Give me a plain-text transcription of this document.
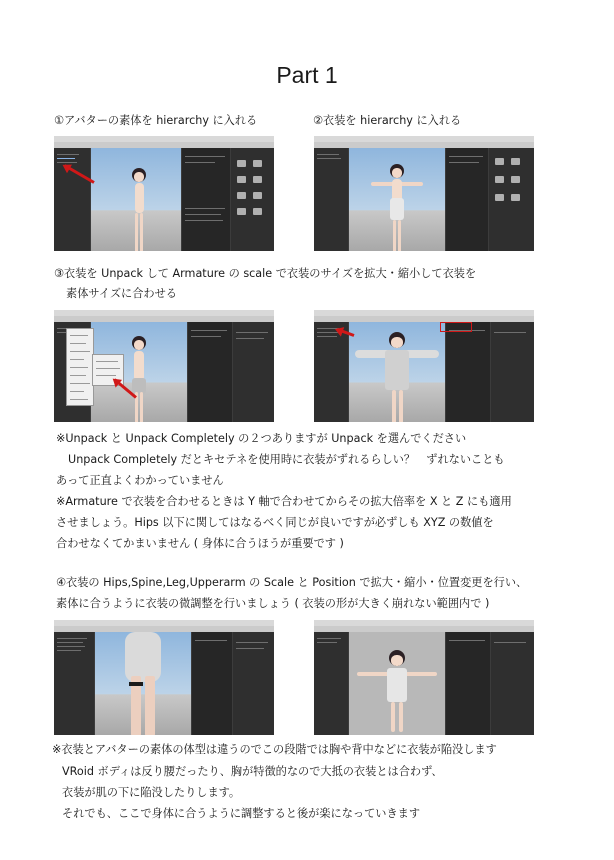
Part 1
①アバターの素体を hierarchy に入れる	②衣装を hierarchy に入れる
③衣装を Unpack して Armature の scale で衣装のサイズを拡大・縮小して衣装を
素体サイズに合わせる
※Unpack と Unpack Completely の２つありますが Unpack を選んでください
Unpack Completely だとキセテネを使用時に衣装がずれるらしい？　ずれないことも
あって正直よくわかっていません
※Armature で衣装を合わせるときは Y 軸で合わせてからその拡大倍率を X と Z にも適用
させましょう。Hips 以下に関してはなるべく同じが良いですが必ずしも XYZ の数値を
合わせなくてかまいません ( 身体に合うほうが重要です )
④衣装の Hips,Spine,Leg,Upperarm の Scale と Position で拡大・縮小・位置変更を行い、
素体に合うように衣装の微調整を行いましょう ( 衣装の形が大きく崩れない範囲内で )
※衣装とアバターの素体の体型は違うのでこの段階では胸や背中などに衣装が陥没します
VRoid ボディは反り腰だったり、胸が特徴的なので大抵の衣装とは合わず、
衣装が肌の下に陥没したりします。
それでも、ここで身体に合うように調整すると後が楽になっていきます
